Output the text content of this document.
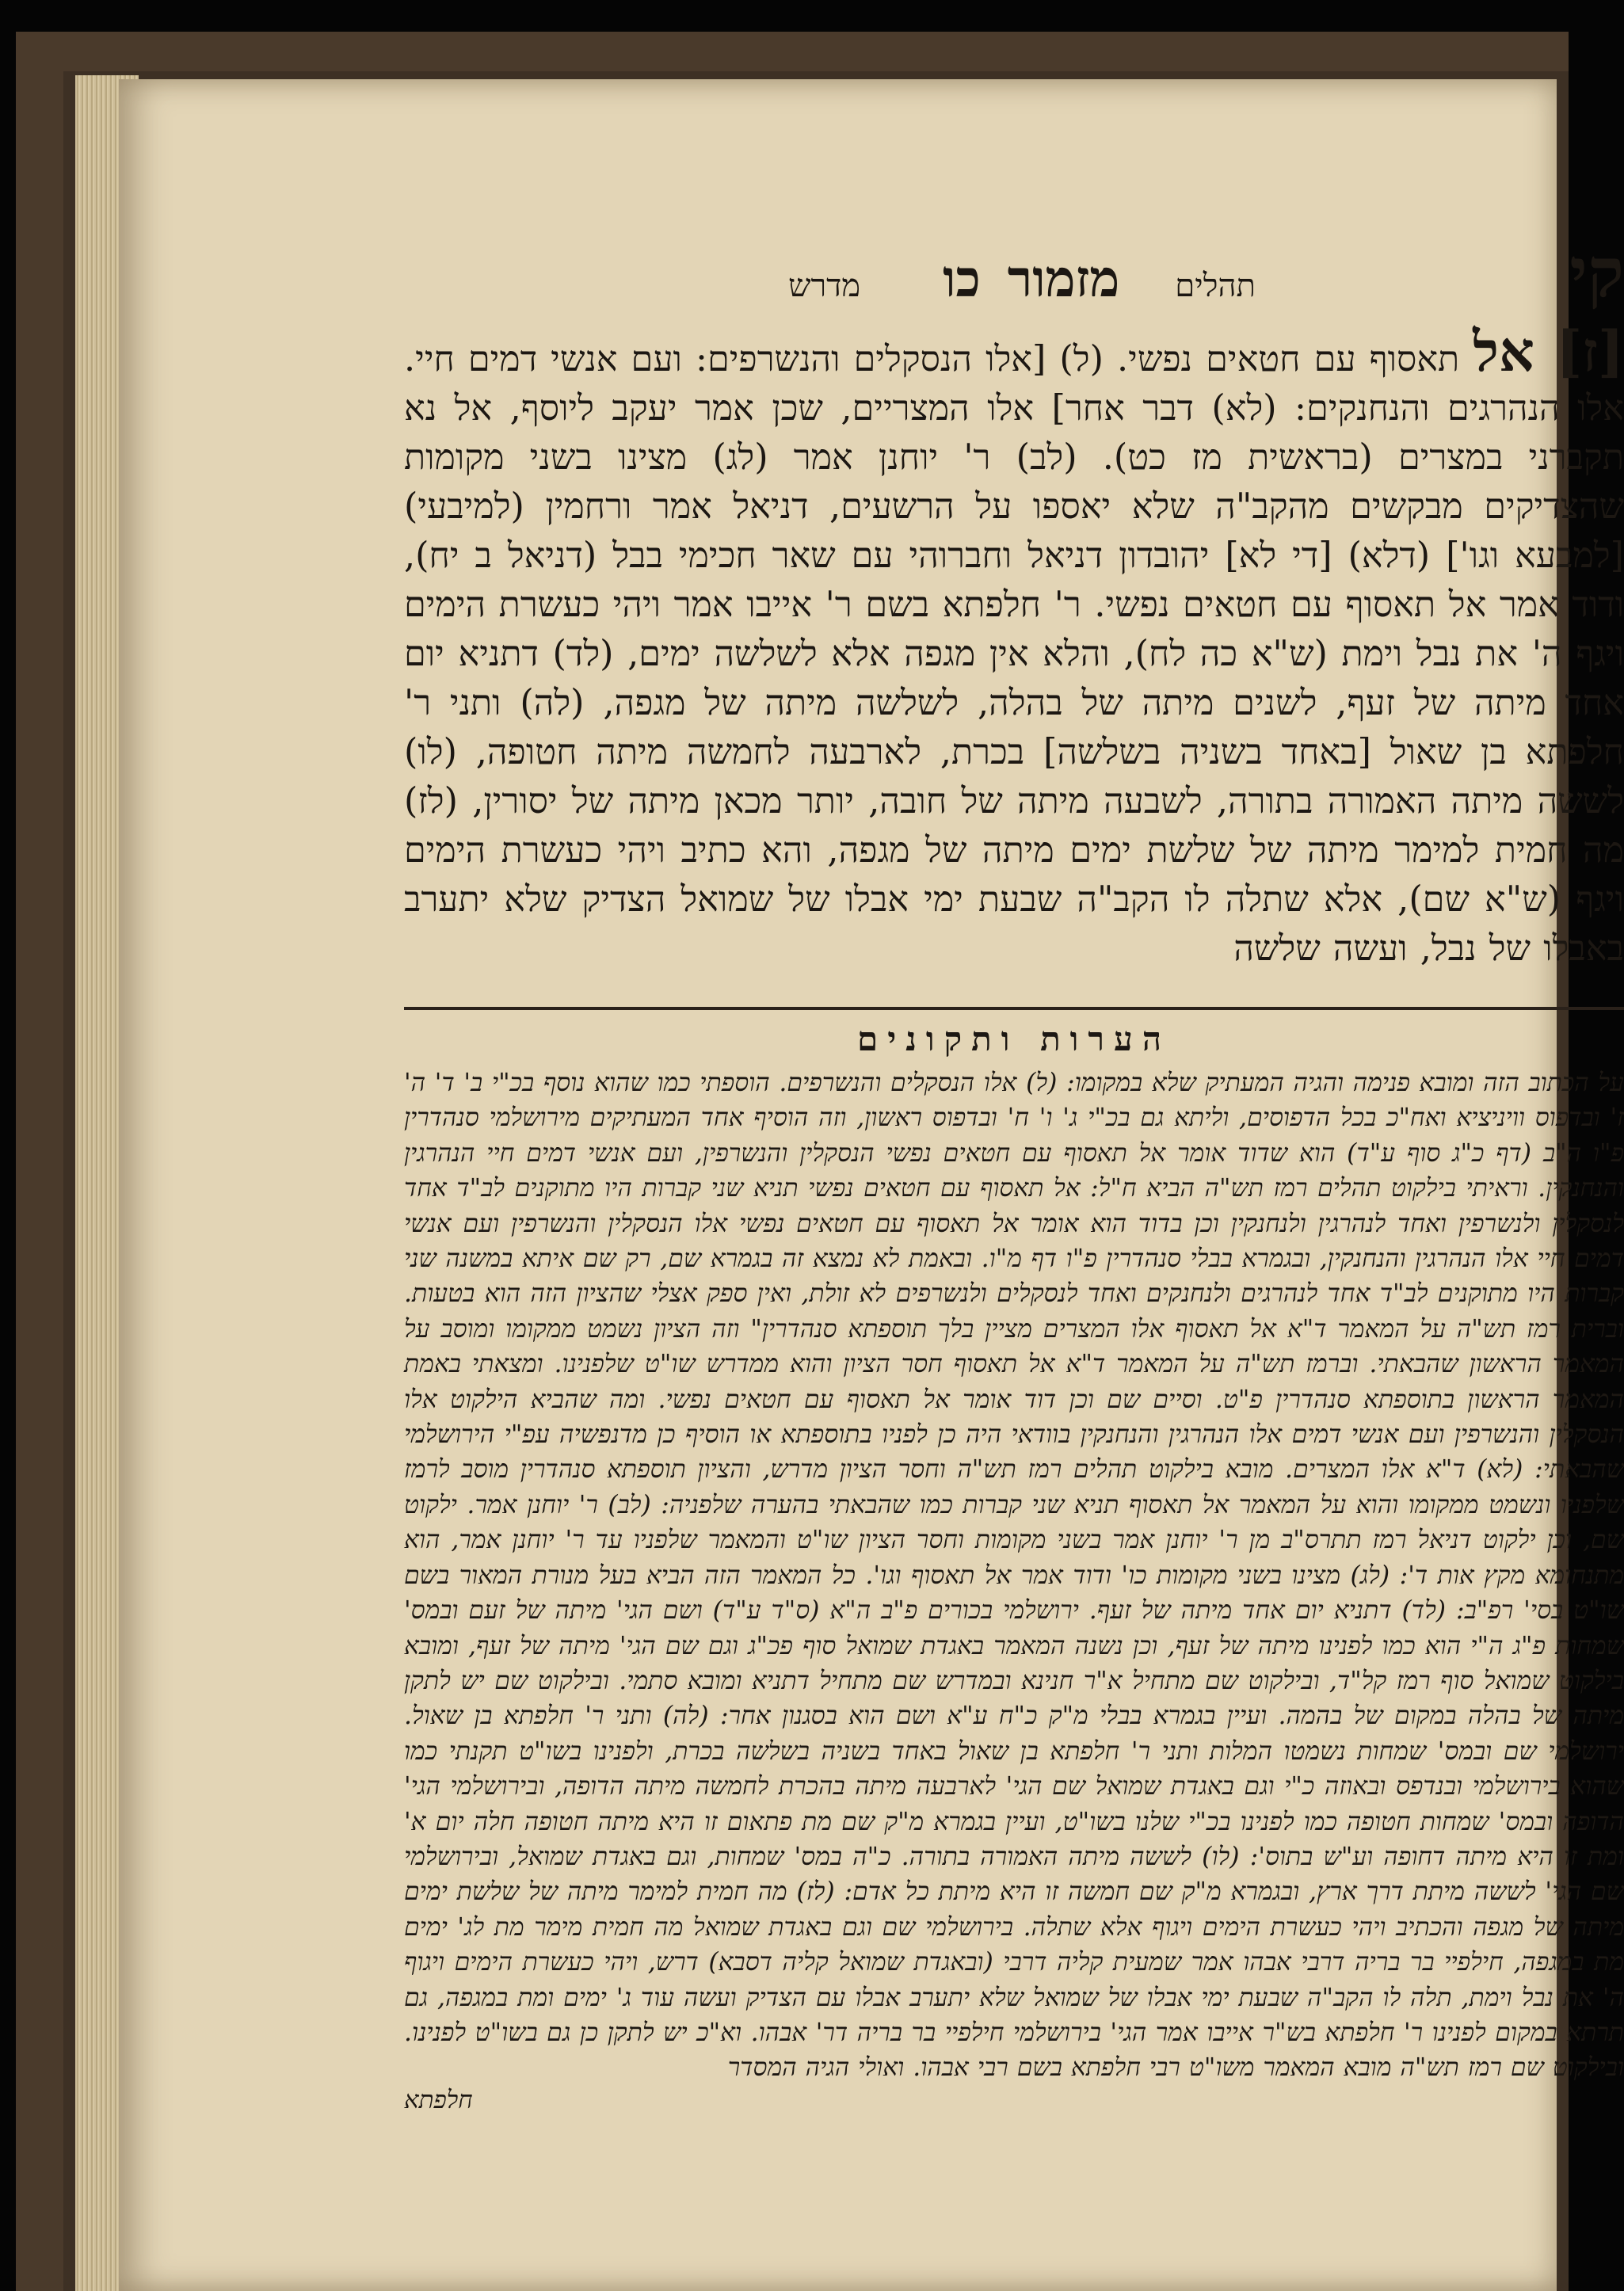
קי
תהלים
מזמורכו
מדרש
[ז] אל תאסוף עם חטאים נפשי. (ל) [אלו הנסקלים והנשרפים: ועם אנשי דמים חיי. אלו הנהרגים והנחנקים: (לא) דבר אחר] אלו המצריים, שכן אמר יעקב ליוסף, אל נא תקברני במצרים (בראשית מז כט). (לב) ר' יוחנן אמר (לג) מצינו בשני מקומות שהצדיקים מבקשים מהקב"ה שלא יאספו על הרשעים, דניאל אמר ורחמין (למיבעי) [למבעא וגו'] (דלא) [די לא] יהובדון דניאל וחברוהי עם שאר חכימי בבל (דניאל ב יח), ודוד אמר אל תאסוף עם חטאים נפשי. ר' חלפתא בשם ר' אייבו אמר ויהי כעשרת הימים ויגף ה' את נבל וימת (ש"א כה לח), והלא אין מגפה אלא לשלשה ימים, (לד) דתניא יום אחד מיתה של זעף, לשנים מיתה של בהלה, לשלשה מיתה של מגפה, (לה) ותני ר' חלפתא בן שאול [באחד בשניה בשלשה] בכרת, לארבעה לחמשה מיתה חטופה, (לו) לששה מיתה האמורה בתורה, לשבעה מיתה של חובה, יותר מכאן מיתה של יסורין, (לז) מה חמית למימר מיתה של שלשת ימים מיתה של מגפה, והא כתיב ויהי כעשרת הימים ויגף (ש"א שם), אלא שתלה לו הקב"ה שבעת ימי אבלו של שמואל הצדיק שלא יתערב באבלו של נבל, ועשה שלשה
הערות ותקונים
על הכתוב הזה ומובא פנימה והגיה המעתיק שלא במקומו: (ל) אלו הנסקלים והנשרפים. הוספתי כמו שהוא נוסף בכ"י ב' ד' ה' ז' ובדפוס וויניציא ואח"כ בכל הדפוסים, וליתא גם בכ"י ג' ו' ח' ובדפוס ראשון, וזה הוסיף אחד המעתיקים מירושלמי סנהדרין פ"ו ה"ב (דף כ"ג סוף ע"ד) הוא שדוד אומר אל תאסוף עם חטאים נפשי הנסקלין והנשרפין, ועם אנשי דמים חיי הנהרגין והנחנקין. וראיתי בילקוט תהלים רמז תש"ה הביא ח"ל: אל תאסוף עם חטאים נפשי תניא שני קברות היו מתוקנים לב"ד אחד לנסקלין ולנשרפין ואחד לנהרגין ולנחנקין וכן בדוד הוא אומר אל תאסוף עם חטאים נפשי אלו הנסקלין והנשרפין ועם אנשי דמים חיי אלו הנהרגין והנחנקין, ובגמרא בבלי סנהדרין פ"ו דף מ"ו. ובאמת לא נמצא זה בגמרא שם, רק שם איתא במשנה שני קברות היו מתוקנים לב"ד אחד לנהרגים ולנחנקים ואחד לנסקלים ולנשרפים לא זולת, ואין ספק אצלי שהציון הזה הוא בטעות. וברית רמז תש"ה על המאמר ד"א אל תאסוף אלו המצרים מציין בלך תוספתא סנהדרין" וזה הציון נשמט ממקומו ומוסב על המאמר הראשון שהבאתי. וברמז תש"ה על המאמר ד"א אל תאסוף חסר הציון והוא ממדרש שו"ט שלפנינו. ומצאתי באמת המאמר הראשון בתוספתא סנהדרין פ"ט. וסיים שם וכן דוד אומר אל תאסוף עם חטאים נפשי. ומה שהביא הילקוט אלו הנסקלין והנשרפין ועם אנשי דמים אלו הנהרגין והנחנקין בוודאי היה כן לפניו בתוספתא או הוסיף כן מדנפשיה עפ"י הירושלמי שהבאתי: (לא) ד"א אלו המצרים. מובא בילקוט תהלים רמז תש"ה וחסר הציון מדרש, והציון תוספתא סנהדרין מוסב לרמז שלפניו ונשמט ממקומו והוא על המאמר אל תאסוף תניא שני קברות כמו שהבאתי בהערה שלפניה: (לב) ר' יוחנן אמר. ילקוט שם, וכן ילקוט דניאל רמז תתרס"ב מן ר' יוחנן אמר בשני מקומות וחסר הציון שו"ט והמאמר שלפניו עד ר' יוחנן אמר, הוא מתנחומא מקץ אות ד': (לג) מצינו בשני מקומות כו' ודוד אמר אל תאסוף וגו'. כל המאמר הזה הביא בעל מנורת המאור בשם שו"ט בסי' רפ"ב: (לד) דתניא יום אחד מיתה של זעף. ירושלמי בכורים פ"ב ה"א (ס"ד ע"ד) ושם הגי' מיתה של זעם ובמס' שמחות פ"ג ה"י הוא כמו לפנינו מיתה של זעף, וכן נשנה המאמר באגדת שמואל סוף פכ"ג וגם שם הגי' מיתה של זעף, ומובא בילקוט שמואל סוף רמז קל"ד, ובילקוט שם מתחיל א"ר חנינא ובמדרש שם מתחיל דתניא ומובא סתמי. ובילקוט שם יש לתקן מיתה של בהלה במקום של בהמה. ועיין בגמרא בבלי מ"ק כ"ח ע"א ושם הוא בסגנון אחר: (לה) ותני ר' חלפתא בן שאול. ירושלמי שם ובמס' שמחות נשמטו המלות ותני ר' חלפתא בן שאול באחד בשניה בשלשה בכרת, ולפנינו בשו"ט תקנתי כמו שהוא בירושלמי ובנדפס ובאוזה כ"י וגם באגדת שמואל שם הגי' לארבעה מיתה בהכרת לחמשה מיתה הדופה, ובירושלמי הגי' הדופה ובמס' שמחות חטופה כמו לפנינו בכ"י שלנו בשו"ט, ועיין בגמרא מ"ק שם מת פתאום זו היא מיתה חטופה חלה יום א' ומת זו היא מיתה דחופה וע"ש בתוס': (לו) לששה מיתה האמורה בתורה. כ"ה במס' שמחות, וגם באגדת שמואל, ובירושלמי שם הגי' לששה מיתת דרך ארץ, ובגמרא מ"ק שם חמשה זו היא מיתת כל אדם: (לז) מה חמית למימר מיתה של שלשת ימים מיתה של מגפה והכתיב ויהי כעשרת הימים ויגוף אלא שתלה. בירושלמי שם וגם באגדת שמואל מה חמית מימר מת לג' ימים מת במגפה, חילפיי בר בריה דרבי אבהו אמר שמעית קליה דרבי (ובאגדת שמואל קליה דסבא) דרש, ויהי כעשרת הימים ויגוף ה' את נבל וימת, תלה לו הקב"ה שבעת ימי אבלו של שמואל שלא יתערב אבלו עם הצדיק ועשה עוד ג' ימים ומת במגפה, גם תרתא במקום לפנינו ר' חלפתא בש"ר אייבו אמר הגי' בירושלמי חילפיי בר בריה דר' אבהו. וא"כ יש לתקן כן גם בשו"ט לפנינו. ובילקוט שם רמז תש"ה מובא המאמר משו"ט רבי חלפתא בשם רבי אבהו. ואולי הגיה המסדר
חלפתא
